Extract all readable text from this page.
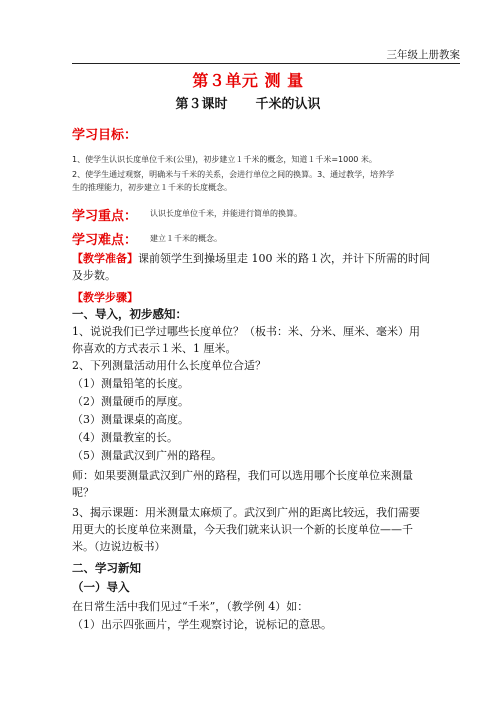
三年级上册教案
第３单元 测 量
第３课时 千米的认识
学习目标：
1、使学生认识长度单位千米(公里)，初步建立１千米的概念，知道１千米=1000 米。
2、使学生通过观察，明确米与千米的关系，会进行单位之间的换算。3、通过教学，培养学
生的推理能力，初步建立１千米的长度概念。
学习重点： 认识长度单位千米，并能进行简单的换算。
学习难点： 建立１千米的概念。
【教学准备】课前领学生到操场里走 100 米的路１次，并计下所需的时间及步数。
【教学步骤】
一、导入，初步感知：
1、说说我们已学过哪些长度单位？（板书：米、分米、厘米、毫米）用你喜欢的方式表示１米、1 厘米。
2、下列测量活动用什么长度单位合适？
（1）测量铅笔的长度。
（2）测量硬币的厚度。
（3）测量课桌的高度。
（4）测量教室的长。
（5）测量武汉到广州的路程。
师：如果要测量武汉到广州的路程，我们可以选用哪个长度单位来测量呢？
3、揭示课题：用米测量太麻烦了。武汉到广州的距离比较远，我们需要用更大的长度单位来测量，今天我们就来认识一个新的长度单位——千米。（边说边板书）
二、学习新知
（一）导入
在日常生活中我们见过“千米”，（教学例 4）如：
（1）出示四张画片，学生观察讨论，说标记的意思。
